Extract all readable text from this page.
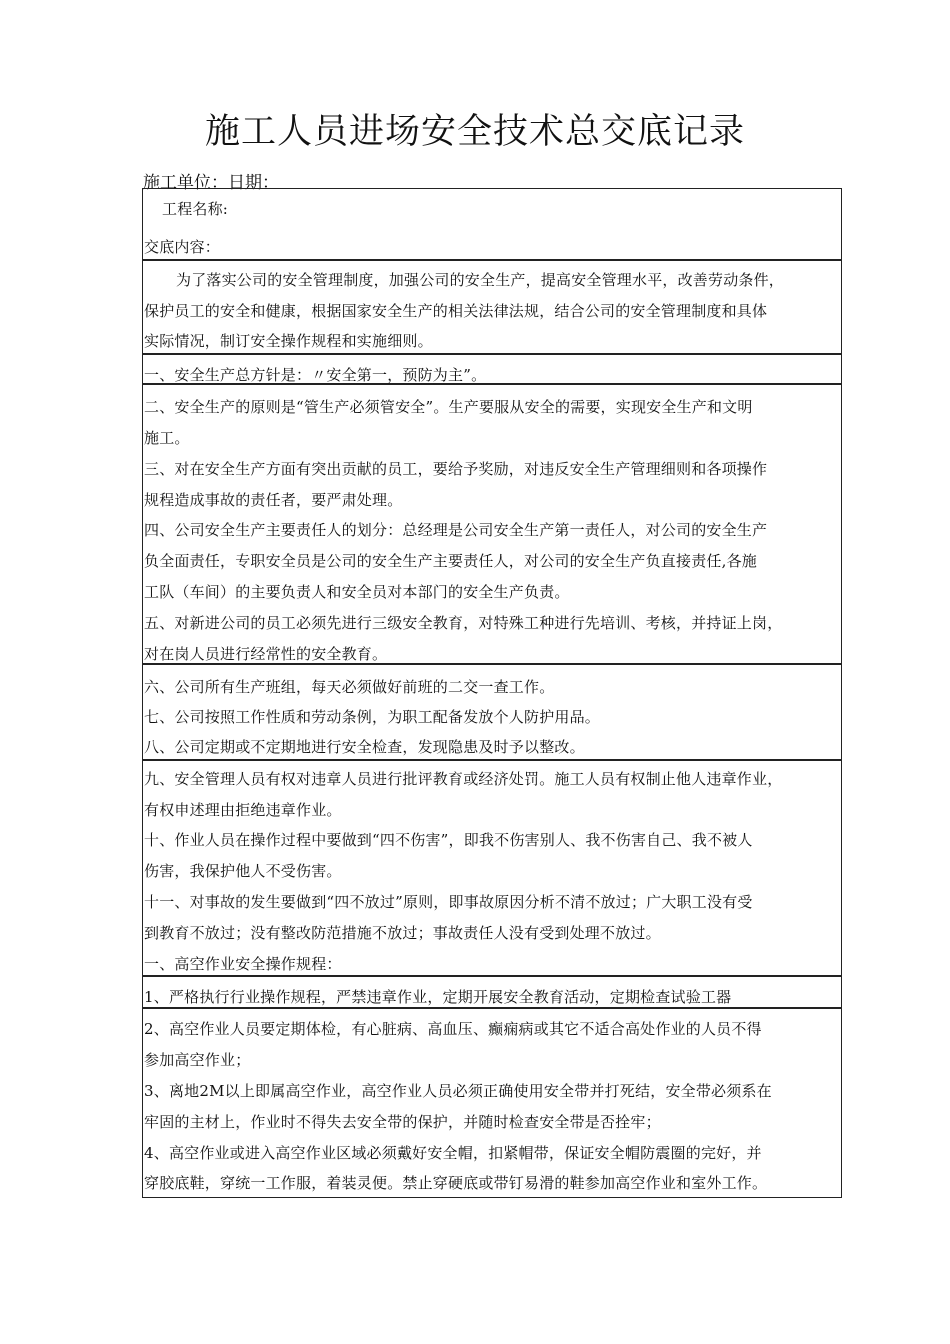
施工人员进场安全技术总交底记录
施工单位：日期：
工程名称:
交底内容：
为了落实公司的安全管理制度，加强公司的安全生产，提高安全管理水平，改善劳动条件，
保护员工的安全和健康，根据国家安全生产的相关法律法规，结合公司的安全管理制度和具体
实际情况，制订安全操作规程和实施细则。
一、安全生产总方针是：〃安全第一，预防为主”。
二、安全生产的原则是“管生产必须管安全”。生产要服从安全的需要，实现安全生产和文明
施工。
三、对在安全生产方面有突出贡献的员工，要给予奖励，对违反安全生产管理细则和各项操作
规程造成事故的责任者，要严肃处理。
四、公司安全生产主要责任人的划分：总经理是公司安全生产第一责任人，对公司的安全生产
负全面责任，专职安全员是公司的安全生产主要责任人，对公司的安全生产负直接责任,各施
工队（车间）的主要负责人和安全员对本部门的安全生产负责。
五、对新进公司的员工必须先进行三级安全教育，对特殊工种进行先培训、考核，并持证上岗，
对在岗人员进行经常性的安全教育。
六、公司所有生产班组，每天必须做好前班的二交一查工作。
七、公司按照工作性质和劳动条例，为职工配备发放个人防护用品。
八、公司定期或不定期地进行安全检查，发现隐患及时予以整改。
九、安全管理人员有权对违章人员进行批评教育或经济处罚。施工人员有权制止他人违章作业，
有权申述理由拒绝违章作业。
十、作业人员在操作过程中要做到“四不伤害”，即我不伤害别人、我不伤害自己、我不被人
伤害，我保护他人不受伤害。
十一、对事故的发生要做到“四不放过”原则，即事故原因分析不清不放过；广大职工没有受
到教育不放过；没有整改防范措施不放过；事故责任人没有受到处理不放过。
一、高空作业安全操作规程：
1、严格执行行业操作规程，严禁违章作业，定期开展安全教育活动，定期检查试验工器
2、高空作业人员要定期体检，有心脏病、高血压、癫痫病或其它不适合高处作业的人员不得
参加高空作业；
3、离地2M以上即属高空作业，高空作业人员必须正确使用安全带并打死结，安全带必须系在
牢固的主材上，作业时不得失去安全带的保护，并随时检查安全带是否拴牢；
4、高空作业或进入高空作业区域必须戴好安全帽，扣紧帽带，保证安全帽防震圈的完好，并
穿胶底鞋，穿统一工作服，着装灵便。禁止穿硬底或带钉易滑的鞋参加高空作业和室外工作。
